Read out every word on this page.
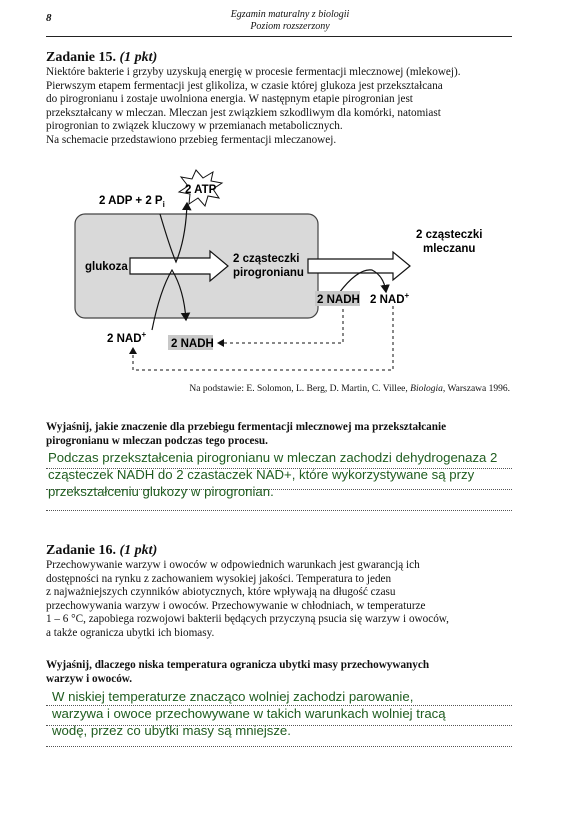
8	Egzamin maturalny z biologii
Poziom rozszerzony
Zadanie 15. (1 pkt)
Niektóre bakterie i grzyby uzyskują energię w procesie fermentacji mlecznowej (mlekowej).
Pierwszym etapem fermentacji jest glikoliza, w czasie której glukoza jest przekształcana
do pirogronianu i zostaje uwolniona energia. W następnym etapie pirogronian jest
przekształcany w mleczan. Mleczan jest związkiem szkodliwym dla komórki, natomiast
pirogronian to związek kluczowy w przemianach metabolicznych.
Na schemacie przedstawiono przebieg fermentacji mleczanowej.
2 ADP + 2 $P_i$
2 ATP
glukoza
2 cząsteczki
pirogronianu
2 cząsteczki
mleczanu
2 NADH 2 NAD+
2 NAD+
2 NADH
Na podstawie: E. Solomon, L. Berg, D. Martin, C. Villee, Biologia, Warszawa 1996.
Wyjaśnij, jakie znaczenie dla przebiegu fermentacji mlecznowej ma przekształcanie
pirogronianu w mleczan podczas tego procesu.
Podczas przekształcenia pirogronianu w mleczan zachodzi dehydrogenaza 2
cząsteczek NADH do 2 czastaczek NAD+, które wykorzystywane są przy
przekształceniu glukozy w pirogronian.
Zadanie 16. (1 pkt)
Przechowywanie warzyw i owoców w odpowiednich warunkach jest gwarancją ich
dostępności na rynku z zachowaniem wysokiej jakości. Temperatura to jeden
z najważniejszych czynników abiotycznych, które wpływają na długość czasu
przechowywania warzyw i owoców. Przechowywanie w chłodniach, w temperaturze
1 – 6 °C, zapobiega rozwojowi bakterii będących przyczyną psucia się warzyw i owoców,
a także ogranicza ubytki ich biomasy.
Wyjaśnij, dlaczego niska temperatura ogranicza ubytki masy przechowywanych
warzyw i owoców.
W niskiej temperaturze znacząco wolniej zachodzi parowanie,
warzywa i owoce przechowywane w takich warunkach wolniej tracą
wodę, przez co ubytki masy są mniejsze.
